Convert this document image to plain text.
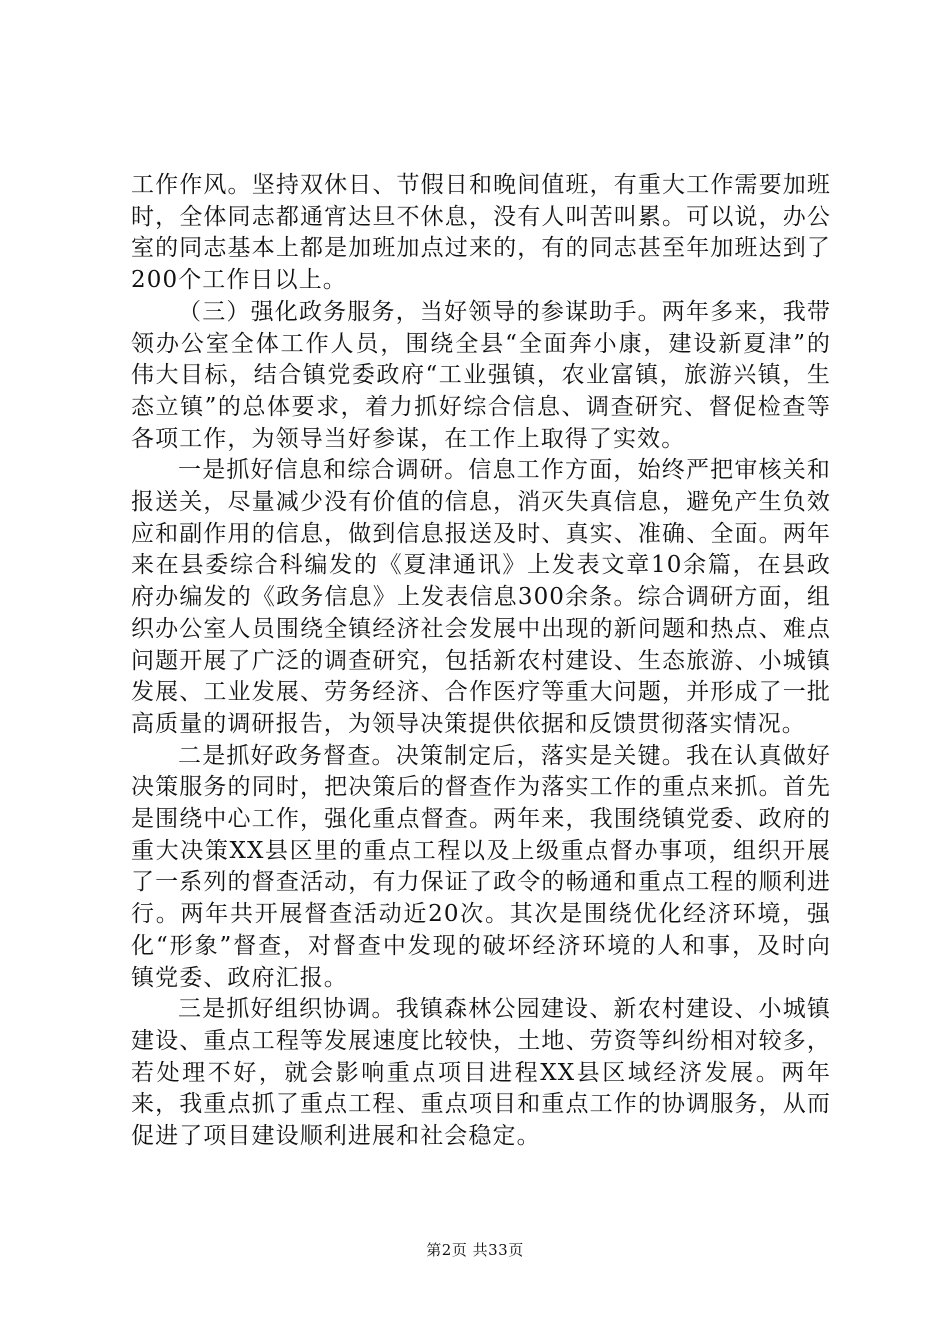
工作作风。坚持双休日、节假日和晚间值班，有重大工作需要加班时，全体同志都通宵达旦不休息，没有人叫苦叫累。可以说，办公室的同志基本上都是加班加点过来的，有的同志甚至年加班达到了200个工作日以上。

（三）强化政务服务，当好领导的参谋助手。两年多来，我带领办公室全体工作人员，围绕全县“全面奔小康，建设新夏津”的伟大目标，结合镇党委政府“工业强镇，农业富镇，旅游兴镇，生态立镇”的总体要求，着力抓好综合信息、调查研究、督促检查等各项工作，为领导当好参谋，在工作上取得了实效。

一是抓好信息和综合调研。信息工作方面，始终严把审核关和报送关，尽量减少没有价值的信息，消灭失真信息，避免产生负效应和副作用的信息，做到信息报送及时、真实、准确、全面。两年来在县委综合科编发的《夏津通讯》上发表文章10余篇，在县政府办编发的《政务信息》上发表信息300余条。综合调研方面，组织办公室人员围绕全镇经济社会发展中出现的新问题和热点、难点问题开展了广泛的调查研究，包括新农村建设、生态旅游、小城镇发展、工业发展、劳务经济、合作医疗等重大问题，并形成了一批高质量的调研报告，为领导决策提供依据和反馈贯彻落实情况。

二是抓好政务督查。决策制定后，落实是关键。我在认真做好决策服务的同时，把决策后的督查作为落实工作的重点来抓。首先是围绕中心工作，强化重点督查。两年来，我围绕镇党委、政府的重大决策XX县区里的重点工程以及上级重点督办事项，组织开展了一系列的督查活动，有力保证了政令的畅通和重点工程的顺利进行。两年共开展督查活动近20次。其次是围绕优化经济环境，强化“形象”督查，对督查中发现的破坏经济环境的人和事，及时向镇党委、政府汇报。

三是抓好组织协调。我镇森林公园建设、新农村建设、小城镇建设、重点工程等发展速度比较快，土地、劳资等纠纷相对较多，若处理不好，就会影响重点项目进程XX县区域经济发展。两年来，我重点抓了重点工程、重点项目和重点工作的协调服务，从而促进了项目建设顺利进展和社会稳定。

第2页 共33页
